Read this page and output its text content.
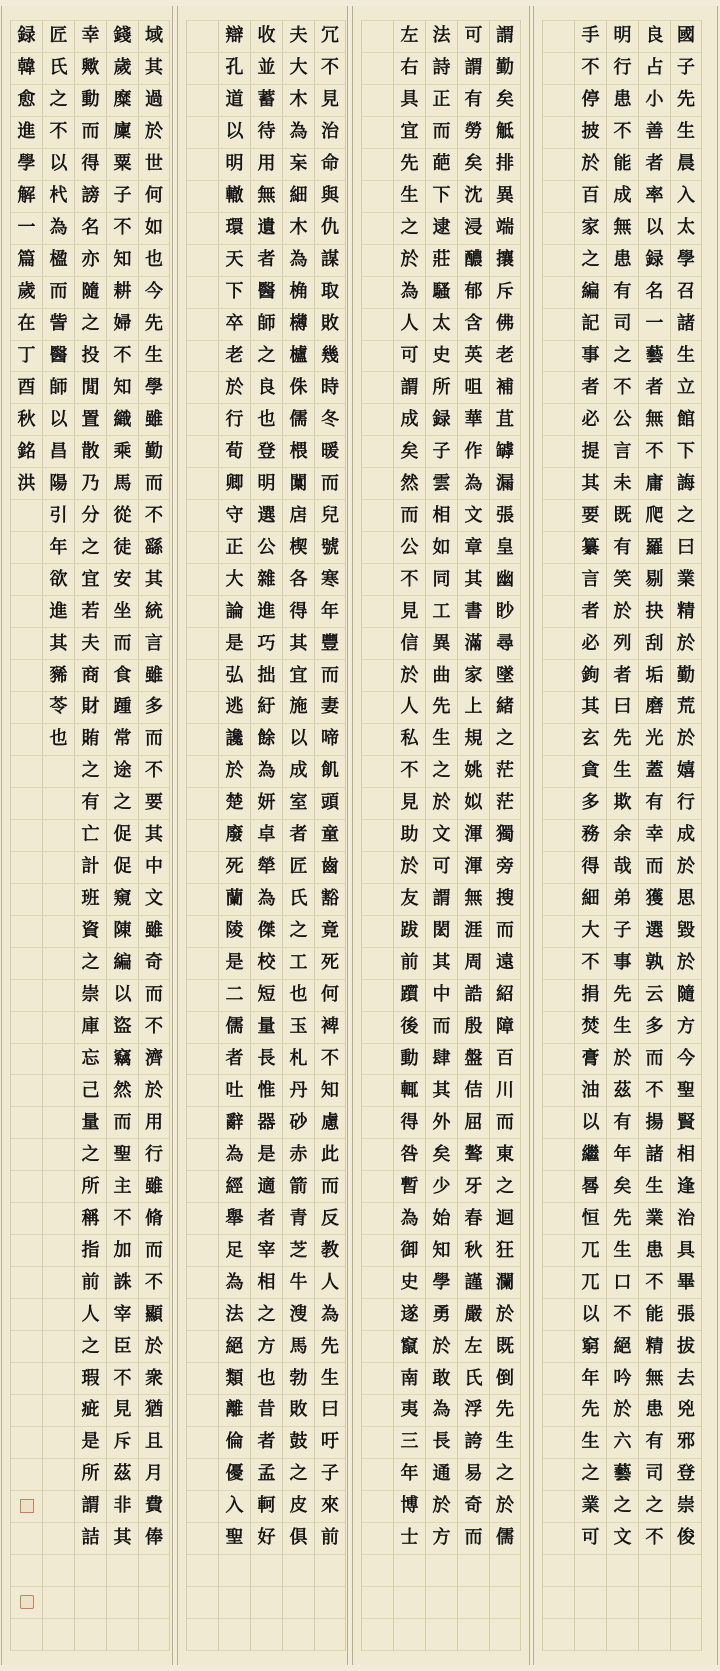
録
韓
愈
進
學
解
一
篇
歲
在
丁
酉
秋
銘
洪
匠
氏
之
不
以
杙
為
楹
而
訾
醫
師
以
昌
陽
引
年
欲
進
其
豨
苓
也
幸
歟
動
而
得
謗
名
亦
隨
之
投
閒
置
散
乃
分
之
宜
若
夫
商
財
賄
之
有
亡
計
班
資
之
崇
庫
忘
己
量
之
所
稱
指
前
人
之
瑕
疵
是
所
謂
詰
錢
歲
糜
廩
粟
子
不
知
耕
婦
不
知
織
乘
馬
從
徒
安
坐
而
食
踵
常
途
之
促
促
窺
陳
編
以
盜
竊
然
而
聖
主
不
加
誅
宰
臣
不
見
斥
茲
非
其
域
其
過
於
世
何
如
也
今
先
生
學
雖
勤
而
不
繇
其
統
言
雖
多
而
不
要
其
中
文
雖
奇
而
不
濟
於
用
行
雖
脩
而
不
顯
於
衆
猶
且
月
費
俸
辯
孔
道
以
明
轍
環
天
下
卒
老
於
行
荀
卿
守
正
大
論
是
弘
逃
讒
於
楚
廢
死
蘭
陵
是
二
儒
者
吐
辭
為
經
舉
足
為
法
絕
類
離
倫
優
入
聖
收
並
蓄
待
用
無
遺
者
醫
師
之
良
也
登
明
選
公
雜
進
巧
拙
紆
餘
為
妍
卓
犖
為
傑
校
短
量
長
惟
器
是
適
者
宰
相
之
方
也
昔
者
孟
軻
好
夫
大
木
為
杗
細
木
為
桷
欂
櫨
侏
儒
椳
闑
扂
楔
各
得
其
宜
施
以
成
室
者
匠
氏
之
工
也
玉
札
丹
砂
赤
箭
青
芝
牛
溲
馬
勃
敗
鼓
之
皮
俱
冗
不
見
治
命
與
仇
謀
取
敗
幾
時
冬
暖
而
兒
號
寒
年
豐
而
妻
啼
飢
頭
童
齒
豁
竟
死
何
裨
不
知
慮
此
而
反
教
人
為
先
生
曰
吁
子
來
前
左
右
具
宜
先
生
之
於
為
人
可
謂
成
矣
然
而
公
不
見
信
於
人
私
不
見
助
於
友
跋
前
躓
後
動
輒
得
咎
暫
為
御
史
遂
竄
南
夷
三
年
博
士
法
詩
正
而
葩
下
逮
莊
騷
太
史
所
録
子
雲
相
如
同
工
異
曲
先
生
之
於
文
可
謂
閎
其
中
而
肆
其
外
矣
少
始
知
學
勇
於
敢
為
長
通
於
方
可
謂
有
勞
矣
沈
浸
醲
郁
含
英
咀
華
作
為
文
章
其
書
滿
家
上
規
姚
姒
渾
渾
無
涯
周
誥
殷
盤
佶
屈
聱
牙
春
秋
謹
嚴
左
氏
浮
誇
易
奇
而
謂
勤
矣
觝
排
異
端
攘
斥
佛
老
補
苴
罅
漏
張
皇
幽
眇
尋
墜
緒
之
茫
茫
獨
旁
搜
而
遠
紹
障
百
川
而
東
之
迴
狂
瀾
於
既
倒
先
生
之
於
儒
手
不
停
披
於
百
家
之
編
記
事
者
必
提
其
要
纂
言
者
必
鉤
其
玄
貪
多
務
得
細
大
不
捐
焚
膏
油
以
繼
晷
恒
兀
兀
以
窮
年
先
生
之
業
可
明
行
患
不
能
成
無
患
有
司
之
不
公
言
未
既
有
笑
於
列
者
曰
先
生
欺
余
哉
弟
子
事
先
生
於
茲
有
年
矣
先
生
口
不
絕
吟
於
六
藝
之
文
良
占
小
善
者
率
以
録
名
一
藝
者
無
不
庸
爬
羅
剔
抉
刮
垢
磨
光
蓋
有
幸
而
獲
選
孰
云
多
而
不
揚
諸
生
業
患
不
能
精
無
患
有
司
之
不
國
子
先
生
晨
入
太
學
召
諸
生
立
館
下
誨
之
曰
業
精
於
勤
荒
於
嬉
行
成
於
思
毀
於
隨
方
今
聖
賢
相
逢
治
具
畢
張
拔
去
兇
邪
登
崇
俊
